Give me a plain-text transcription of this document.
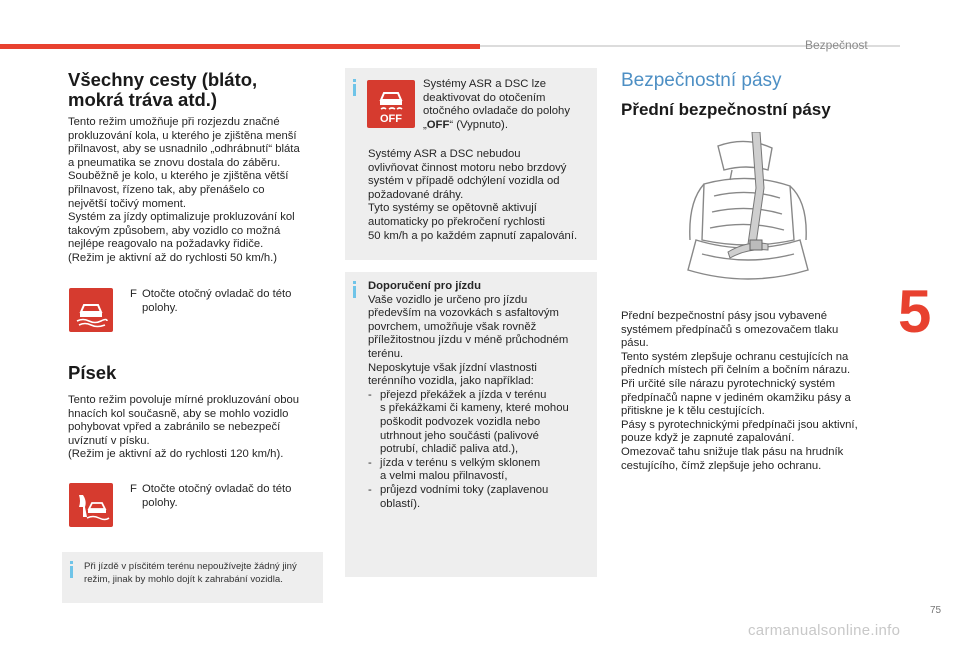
Bezpečnost
5
75
carmanualsonline.info
Všechny cesty (bláto,
mokrá tráva atd.)

Tento režim umožňuje při rozjezdu značné

prokluzování kola, u kterého je zjištěna menší

přilnavost, aby se usnadnilo „odhrábnutí“ bláta

a pneumatika se znovu dostala do záběru.

Souběžně je kolo, u kterého je zjištěna větší

přilnavost, řízeno tak, aby přenášelo co

největší točivý moment.

Systém za jízdy optimalizuje prokluzování kol

takovým způsobem, aby vozidlo co možná

nejlépe reagovalo na požadavky řidiče.

(Režim je aktivní až do rychlosti 50 km/h.)

F Otočte otočný ovladač do této
polohy.
Písek

Tento režim povoluje mírné prokluzování obou

hnacích kol současně, aby se mohlo vozidlo

pohybovat vpřed a zabránilo se nebezpečí

uvíznutí v písku.

(Režim je aktivní až do rychlosti 120 km/h).

F Otočte otočný ovladač do této
polohy.
Při jízdě v písčitém terénu nepoužívejte žádný jiný
režim, jinak by mohlo dojít k zahrabání vozidla.
OFF

Systémy ASR a DSC lze

deaktivovat do otočením

otočného ovladače do polohy

„OFF“ (Vypnuto).

Systémy ASR a DSC nebudou

ovlivňovat činnost motoru nebo brzdový

systém v případě odchýlení vozidla od

požadované dráhy.

Tyto systémy se opětovně aktivují

automaticky po překročení rychlosti

50 km/h a po každém zapnutí zapalování.

Doporučení pro jízdu

Vaše vozidlo je určeno pro jízdu

především na vozovkách s asfaltovým

povrchem, umožňuje však rovněž

příležitostnou jízdu v méně průchodném

terénu.

Neposkytuje však jízdní vlastnosti

terénního vozidla, jako například:

- přejezd překážek a jízda v terénu
s překážkami či kameny, které mohou
poškodit podvozek vozidla nebo
utrhnout jeho součásti (palivové
potrubí, chladič paliva atd.),
- jízda v terénu s velkým sklonem
a velmi malou přilnavostí,
- průjezd vodními toky (zaplavenou
oblastí).
Bezpečnostní pásy
Přední bezpečnostní pásy

Přední bezpečnostní pásy jsou vybavené

systémem předpínačů s omezovačem tlaku

pásu.

Tento systém zlepšuje ochranu cestujících na

předních místech při čelním a bočním nárazu.

Při určité síle nárazu pyrotechnický systém

předpínačů napne v jediném okamžiku pásy a

přitiskne je k tělu cestujících.

Pásy s pyrotechnickými předpínači jsou aktivní,

pouze když je zapnuté zapalování.

Omezovač tahu snižuje tlak pásu na hrudník

cestujícího, čímž zlepšuje jeho ochranu.
